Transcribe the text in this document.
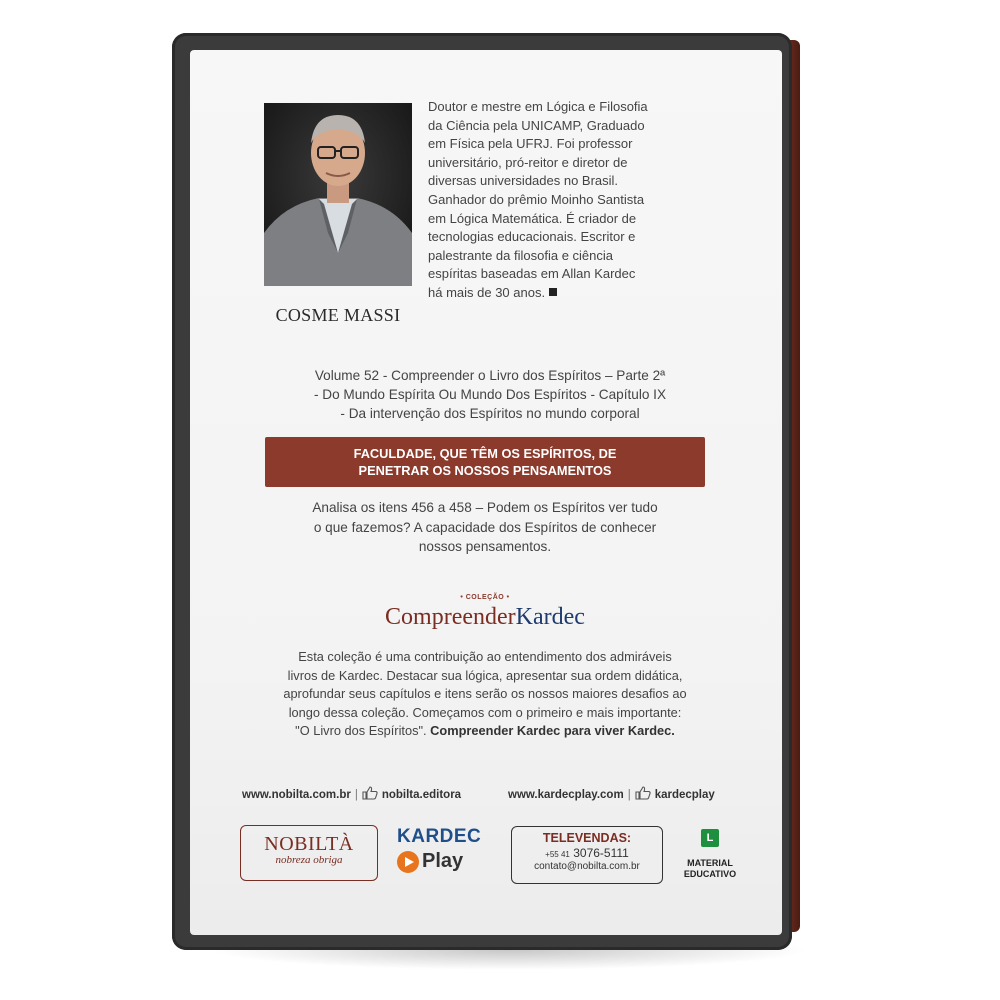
COSME MASSI
Doutor e mestre em Lógica e Filosofia
da Ciência pela UNICAMP, Graduado
em Física pela UFRJ. Foi professor
universitário, pró-reitor e diretor de
diversas universidades no Brasil.
Ganhador do prêmio Moinho Santista
em Lógica Matemática. É criador de
tecnologias educacionais. Escritor e
palestrante da filosofia e ciência
espíritas baseadas em Allan Kardec
há mais de 30 anos.
Volume 52 - Compreender o Livro dos Espíritos – Parte 2ª
- Do Mundo Espírita Ou Mundo Dos Espíritos - Capítulo IX
- Da intervenção dos Espíritos no mundo corporal
FACULDADE, QUE TÊM OS ESPÍRITOS, DE
PENETRAR OS NOSSOS PENSAMENTOS
Analisa os itens 456 a 458 – Podem os Espíritos ver tudo
o que fazemos? A capacidade dos Espíritos de conhecer
nossos pensamentos.
• COLEÇÃO •
CompreenderKardec
Esta coleção é uma contribuição ao entendimento dos admiráveis
livros de Kardec. Destacar sua lógica, apresentar sua ordem didática,
aprofundar seus capítulos e itens serão os nossos maiores desafios ao
longo dessa coleção. Começamos com o primeiro e mais importante:
"O Livro dos Espíritos". Compreender Kardec para viver Kardec.
www.nobilta.com.br | nobilta.editora	www.kardecplay.com | kardecplay
NOBILTÀ
nobreza obriga
KARDEC
Play
TELEVENDAS:
+55 41 3076-5111
contato@nobilta.com.br
L
MATERIAL
EDUCATIVO
